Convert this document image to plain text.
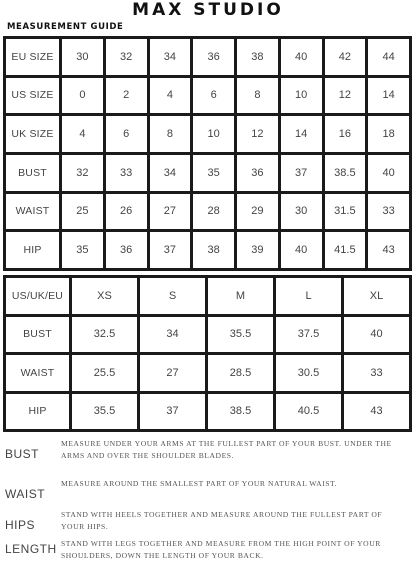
MAX STUDIO
MEASUREMENT GUIDE
EU SIZE	30	32	34	36	38	40	42	44
US SIZE	0	2	4	6	8	10	12	14
UK SIZE	4	6	8	10	12	14	16	18
BUST	32	33	34	35	36	37	38.5	40
WAIST	25	26	27	28	29	30	31.5	33
HIP	35	36	37	38	39	40	41.5	43
US/UK/EU	XS	S	M	L	XL
BUST	32.5	34	35.5	37.5	40
WAIST	25.5	27	28.5	30.5	33
HIP	35.5	37	38.5	40.5	43
BUST
MEASURE UNDER YOUR ARMS AT THE FULLEST PART OF YOUR BUST. UNDER THE ARMS AND OVER THE SHOULDER BLADES.
WAIST
MEASURE AROUND THE SMALLEST PART OF YOUR NATURAL WAIST.
HIPS
STAND WITH HEELS TOGETHER AND MEASURE AROUND THE FULLEST PART OF YOUR HIPS.
LENGTH STAND WITH LEGS TOGETHER AND MEASURE FROM THE HIGH POINT OF YOUR SHOULDERS, DOWN THE LENGTH OF YOUR BACK.
